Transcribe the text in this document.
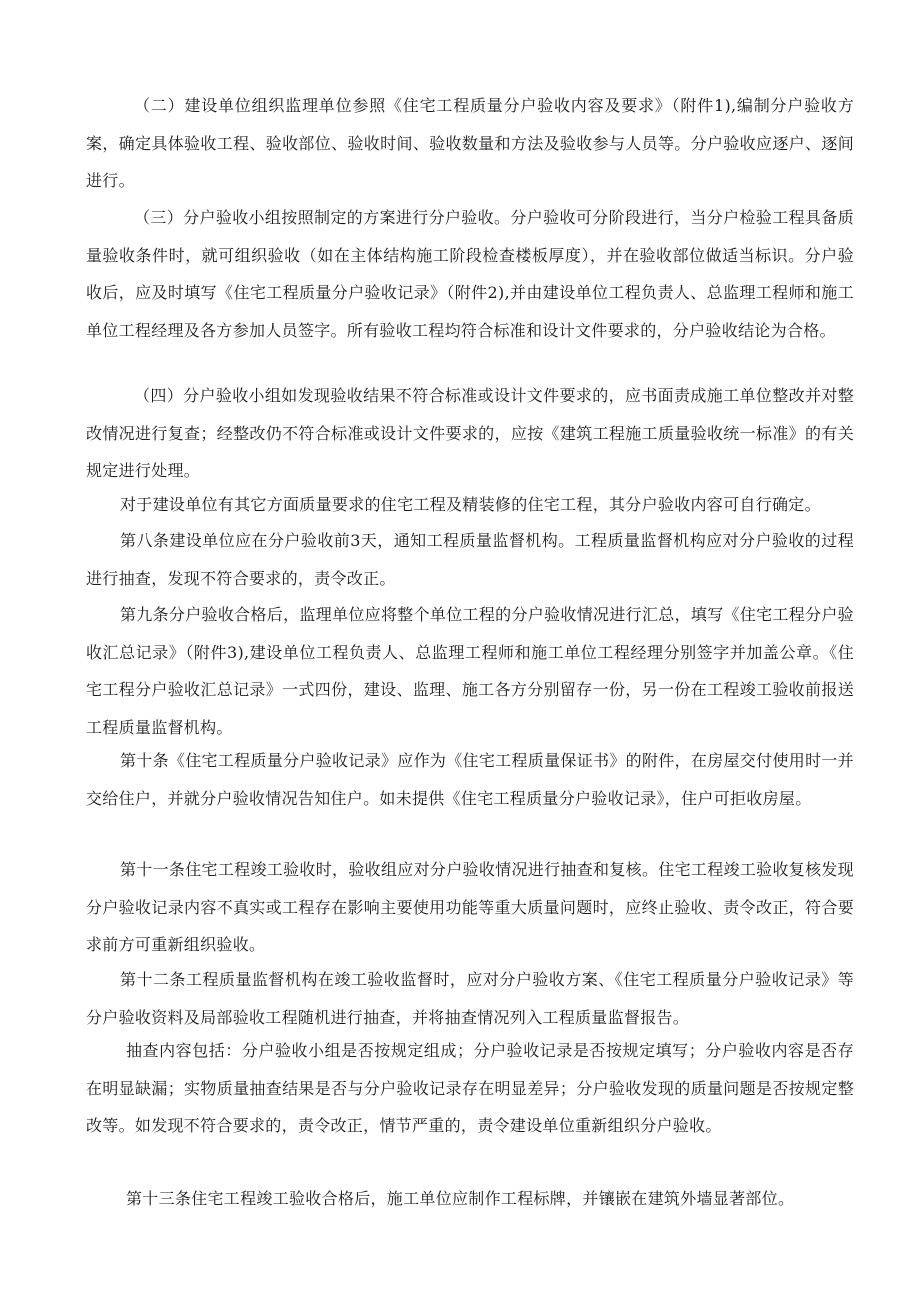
（二）建设单位组织监理单位参照《住宅工程质量分户验收内容及要求》（附件1),编制分户验收方案，确定具体验收工程、验收部位、验收时间、验收数量和方法及验收参与人员等。分户验收应逐户、逐间进行。

（三）分户验收小组按照制定的方案进行分户验收。分户验收可分阶段进行，当分户检验工程具备质量验收条件时，就可组织验收（如在主体结构施工阶段检查楼板厚度），并在验收部位做适当标识。分户验收后，应及时填写《住宅工程质量分户验收记录》（附件2),并由建设单位工程负责人、总监理工程师和施工单位工程经理及各方参加人员签字。所有验收工程均符合标准和设计文件要求的，分户验收结论为合格。

（四）分户验收小组如发现验收结果不符合标准或设计文件要求的，应书面责成施工单位整改并对整改情况进行复查；经整改仍不符合标准或设计文件要求的，应按《建筑工程施工质量验收统一标准》的有关规定进行处理。

对于建设单位有其它方面质量要求的住宅工程及精装修的住宅工程，其分户验收内容可自行确定。

第八条建设单位应在分户验收前3天，通知工程质量监督机构。工程质量监督机构应对分户验收的过程进行抽查，发现不符合要求的，责令改正。

第九条分户验收合格后，监理单位应将整个单位工程的分户验收情况进行汇总，填写《住宅工程分户验收汇总记录》（附件3),建设单位工程负责人、总监理工程师和施工单位工程经理分别签字并加盖公章。《住宅工程分户验收汇总记录》一式四份，建设、监理、施工各方分别留存一份，另一份在工程竣工验收前报送工程质量监督机构。

第十条《住宅工程质量分户验收记录》应作为《住宅工程质量保证书》的附件，在房屋交付使用时一并交给住户，并就分户验收情况告知住户。如未提供《住宅工程质量分户验收记录》，住户可拒收房屋。

第十一条住宅工程竣工验收时，验收组应对分户验收情况进行抽查和复核。住宅工程竣工验收复核发现分户验收记录内容不真实或工程存在影响主要使用功能等重大质量问题时，应终止验收、责令改正，符合要求前方可重新组织验收。

第十二条工程质量监督机构在竣工验收监督时，应对分户验收方案、《住宅工程质量分户验收记录》等分户验收资料及局部验收工程随机进行抽查，并将抽查情况列入工程质量监督报告。

抽查内容包括：分户验收小组是否按规定组成；分户验收记录是否按规定填写；分户验收内容是否存在明显缺漏；实物质量抽查结果是否与分户验收记录存在明显差异；分户验收发现的质量问题是否按规定整改等。如发现不符合要求的，责令改正，情节严重的，责令建设单位重新组织分户验收。

第十三条住宅工程竣工验收合格后，施工单位应制作工程标牌，并镶嵌在建筑外墙显著部位。
